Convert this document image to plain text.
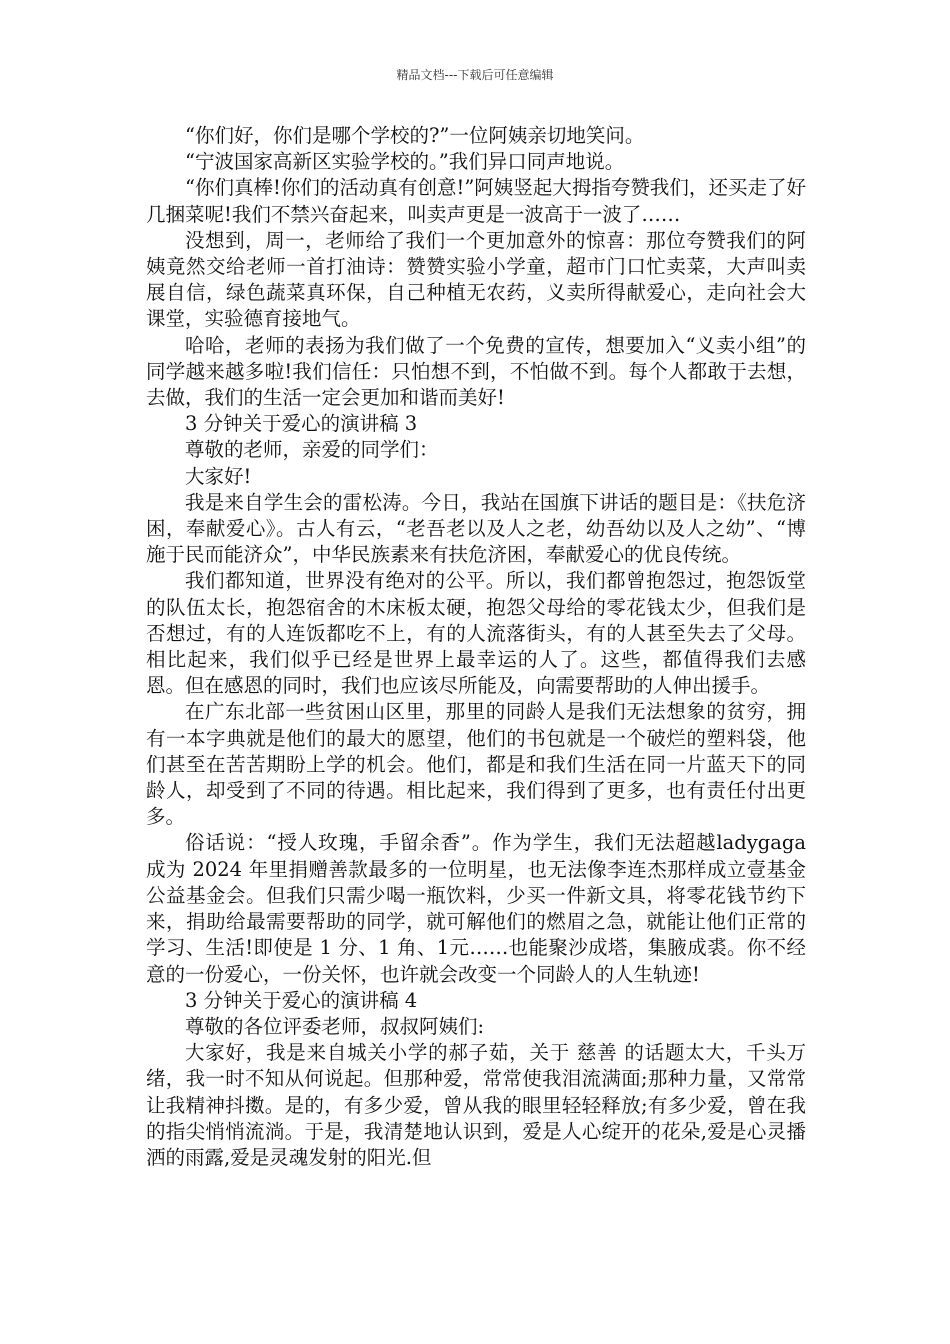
精品文档---下载后可任意编辑

“你们好，你们是哪个学校的?”一位阿姨亲切地笑问。

“宁波国家高新区实验学校的。”我们异口同声地说。

“你们真棒!你们的活动真有创意!”阿姨竖起大拇指夸赞我们，还买走了好几捆菜呢!我们不禁兴奋起来，叫卖声更是一波高于一波了……

没想到，周一，老师给了我们一个更加意外的惊喜：那位夸赞我们的阿姨竟然交给老师一首打油诗：赞赞实验小学童，超市门口忙卖菜，大声叫卖展自信，绿色蔬菜真环保，自己种植无农药，义卖所得献爱心，走向社会大课堂，实验德育接地气。

哈哈，老师的表扬为我们做了一个免费的宣传，想要加入“义卖小组”的同学越来越多啦!我们信任：只怕想不到，不怕做不到。每个人都敢于去想，去做，我们的生活一定会更加和谐而美好!

3 分钟关于爱心的演讲稿 3

尊敬的老师，亲爱的同学们：

大家好!

我是来自学生会的雷松涛。今日，我站在国旗下讲话的题目是：《扶危济困，奉献爱心》。古人有云，“老吾老以及人之老，幼吾幼以及人之幼”、“博施于民而能济众”，中华民族素来有扶危济困，奉献爱心的优良传统。

我们都知道，世界没有绝对的公平。所以，我们都曾抱怨过，抱怨饭堂的队伍太长，抱怨宿舍的木床板太硬，抱怨父母给的零花钱太少，但我们是否想过，有的人连饭都吃不上，有的人流落街头，有的人甚至失去了父母。相比起来，我们似乎已经是世界上最幸运的人了。这些，都值得我们去感恩。但在感恩的同时，我们也应该尽所能及，向需要帮助的人伸出援手。

在广东北部一些贫困山区里，那里的同龄人是我们无法想象的贫穷，拥有一本字典就是他们的最大的愿望，他们的书包就是一个破烂的塑料袋，他们甚至在苦苦期盼上学的机会。他们，都是和我们生活在同一片蓝天下的同龄人，却受到了不同的待遇。相比起来，我们得到了更多，也有责任付出更多。

俗话说：“授人玫瑰，手留余香”。作为学生，我们无法超越ladygaga 成为 2024 年里捐赠善款最多的一位明星，也无法像李连杰那样成立壹基金公益基金会。但我们只需少喝一瓶饮料，少买一件新文具，将零花钱节约下来，捐助给最需要帮助的同学，就可解他们的燃眉之急，就能让他们正常的学习、生活!即使是 1 分、1 角、1元……也能聚沙成塔，集腋成裘。你不经意的一份爱心，一份关怀，也许就会改变一个同龄人的人生轨迹!

3 分钟关于爱心的演讲稿 4

尊敬的各位评委老师，叔叔阿姨们:

大家好，我是来自城关小学的郝子茹，关于 慈善 的话题太大，千头万绪，我一时不知从何说起。但那种爱，常常使我泪流满面;那种力量，又常常让我精神抖擞。是的，有多少爱，曾从我的眼里轻轻释放;有多少爱，曾在我的指尖悄悄流淌。于是，我清楚地认识到，爱是人心绽开的花朵,爱是心灵播洒的雨露,爱是灵魂发射的阳光.但
